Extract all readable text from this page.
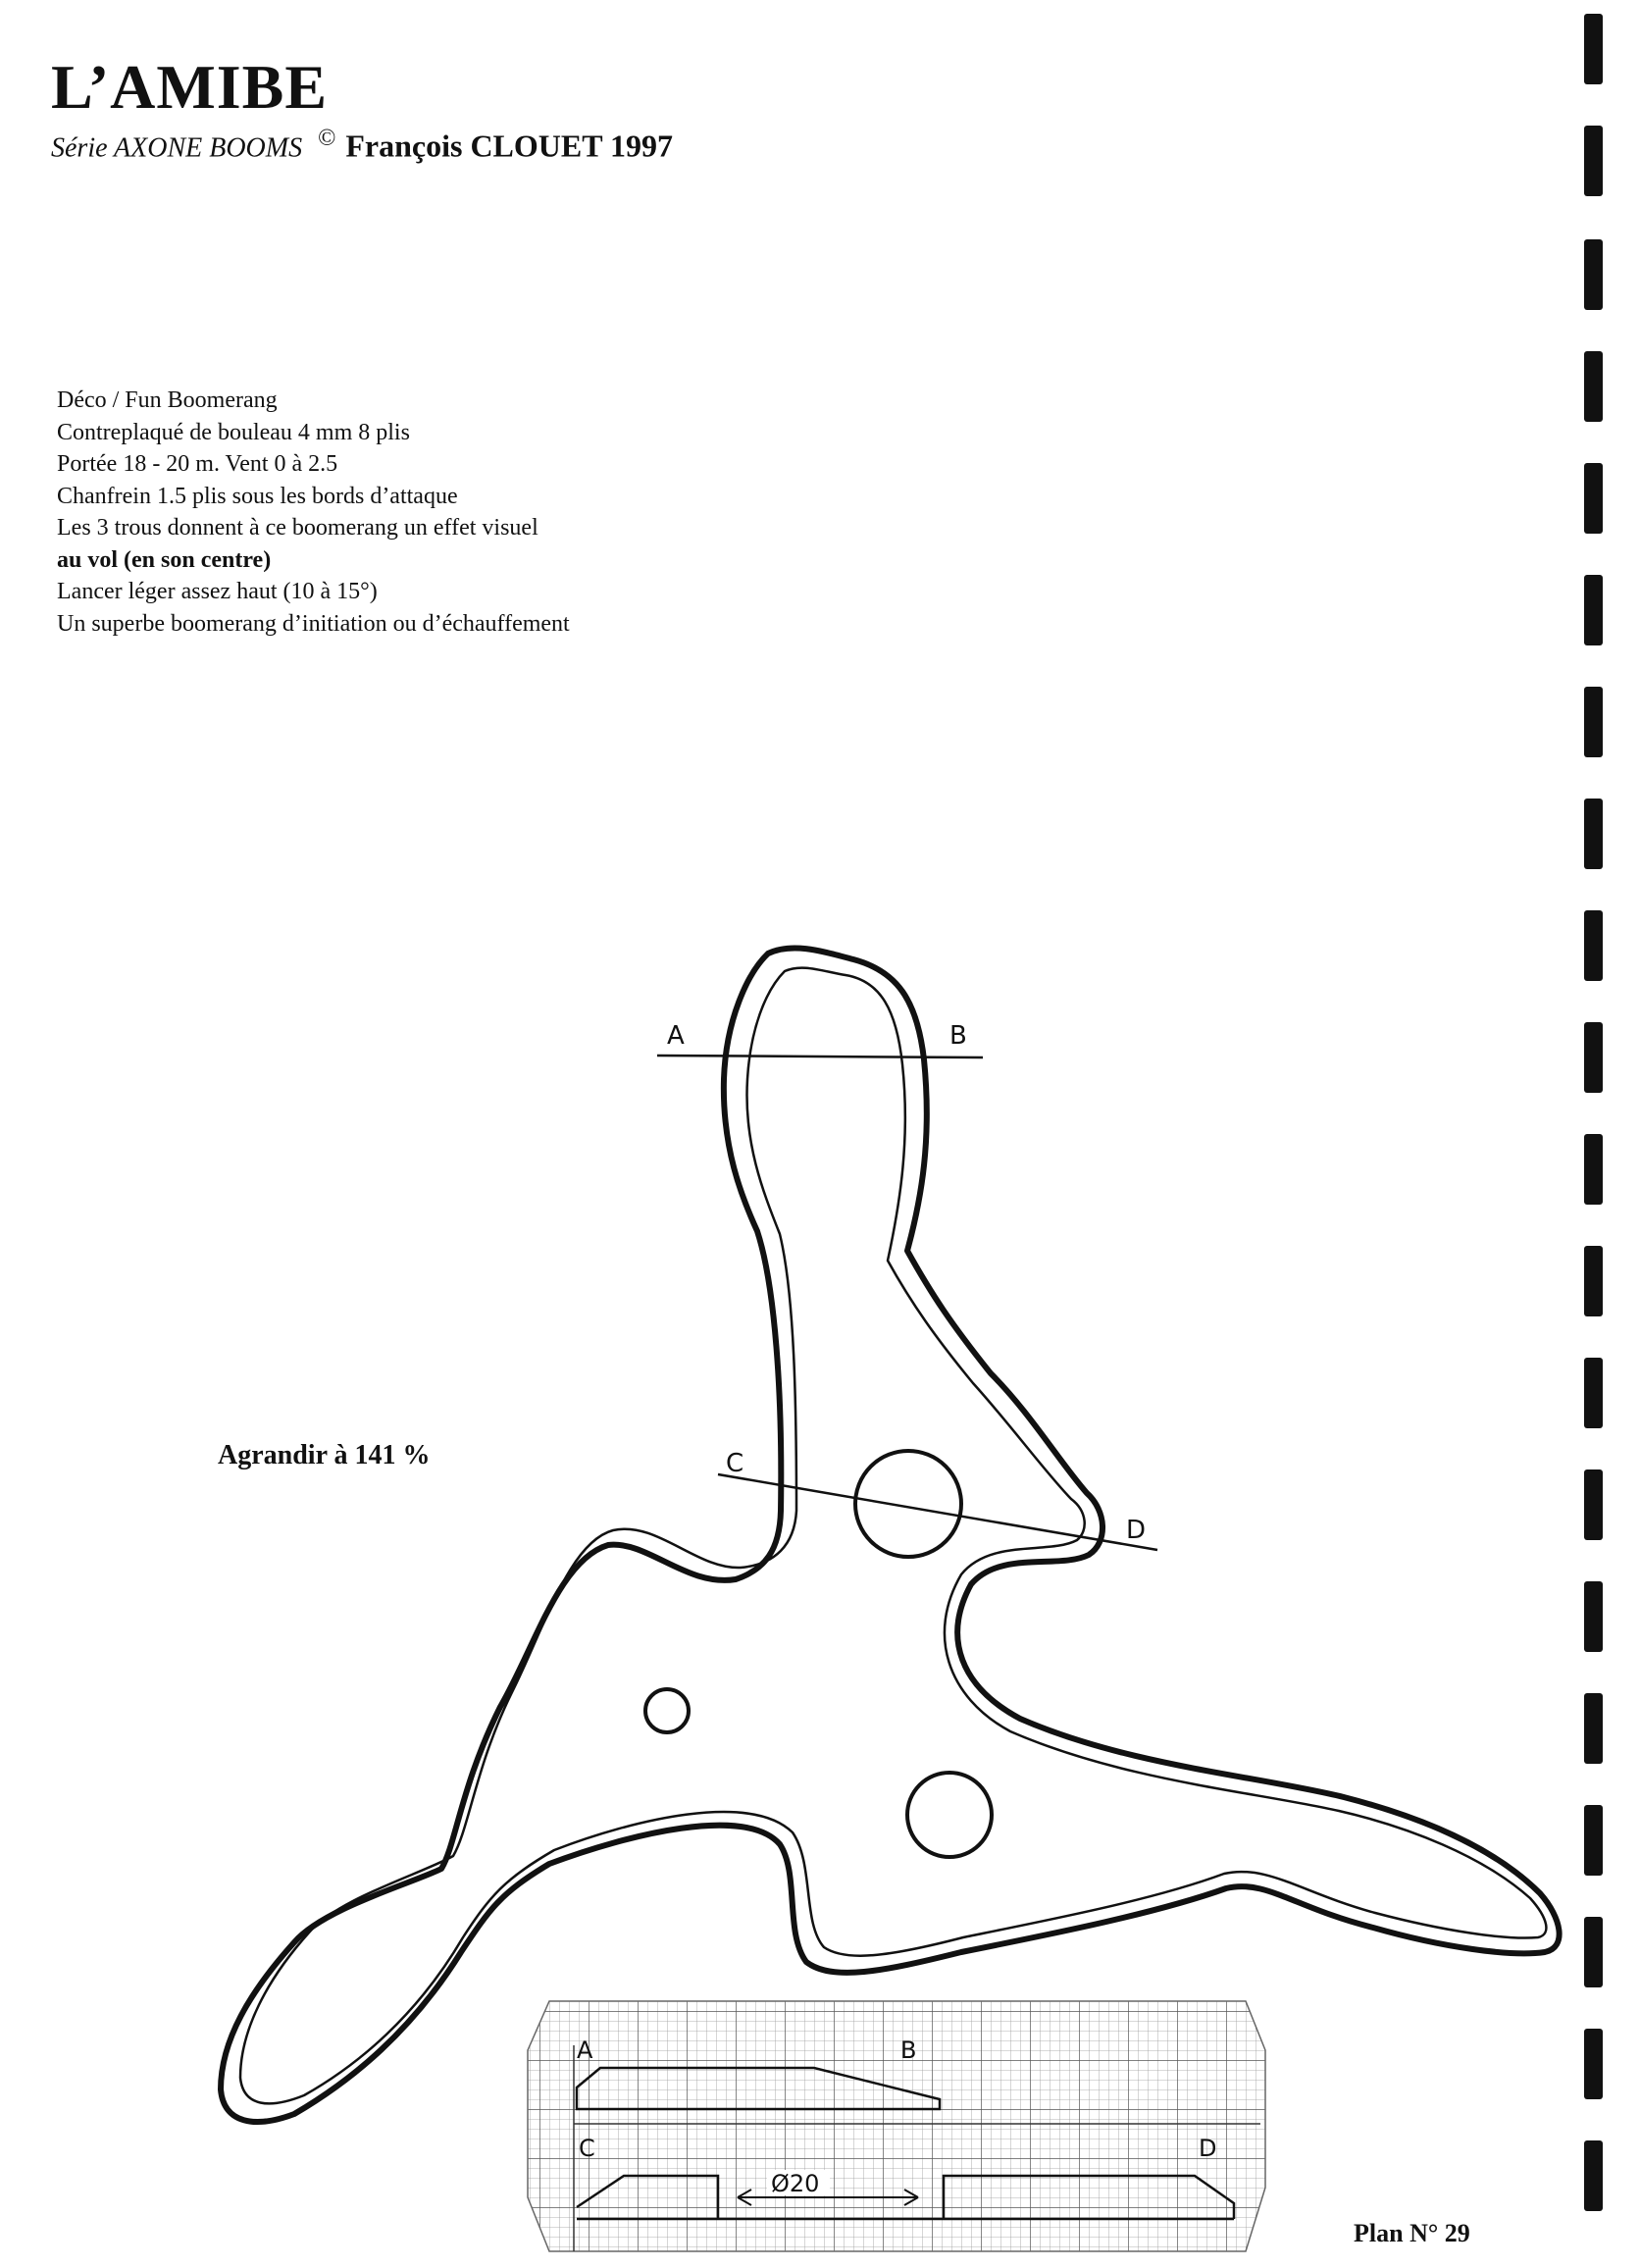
L’AMIBE
Série AXONE BOOMS © François CLOUET 1997
Déco / Fun Boomerang
Contreplaqué de bouleau 4 mm 8 plis
Portée 18 - 20 m. Vent 0 à 2.5
Chanfrein 1.5 plis sous les bords d’attaque
Les 3 trous donnent à ce boomerang un effet visuel
au vol (en son centre)
Lancer léger assez haut (10 à 15°)
Un superbe boomerang d’initiation ou d’échauffement
Agrandir à 141 %
A	B
C
D
A	B
C	D
Ø20
Plan N° 29
